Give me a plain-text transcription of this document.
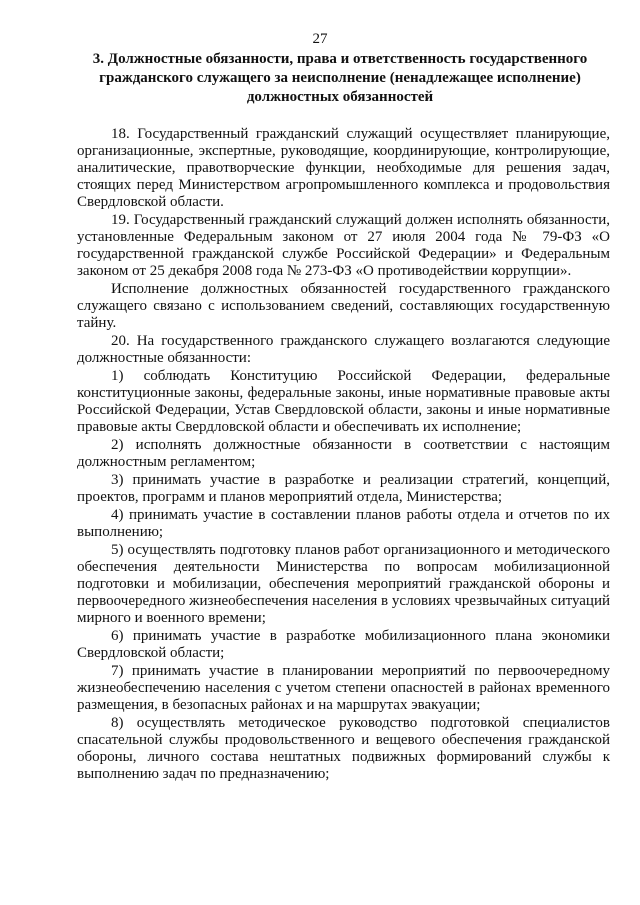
27
3. Должностные обязанности, права и ответственность государственного гражданского служащего за неисполнение (ненадлежащее исполнение) должностных обязанностей

18. Государственный гражданский служащий осуществляет планирующие, организационные, экспертные, руководящие, координирующие, контролирующие, аналитические, правотворческие функции, необходимые для решения задач, стоящих перед Министерством агропромышленного комплекса и продовольствия Свердловской области.

19. Государственный гражданский служащий должен исполнять обязанности, установленные Федеральным законом от 27 июля 2004 года № 79-ФЗ «О государственной гражданской службе Российской Федерации» и Федеральным законом от 25 декабря 2008 года № 273-ФЗ «О противодействии коррупции».

Исполнение должностных обязанностей государственного гражданского служащего связано с использованием сведений, составляющих государственную тайну.

20. На государственного гражданского служащего возлагаются следующие должностные обязанности:

1) соблюдать Конституцию Российской Федерации, федеральные конституционные законы, федеральные законы, иные нормативные правовые акты Российской Федерации, Устав Свердловской области, законы и иные нормативные правовые акты Свердловской области и обеспечивать их исполнение;

2) исполнять должностные обязанности в соответствии с настоящим должностным регламентом;

3) принимать участие в разработке и реализации стратегий, концепций, проектов, программ и планов мероприятий отдела, Министерства;

4) принимать участие в составлении планов работы отдела и отчетов по их выполнению;

5) осуществлять подготовку планов работ организационного и методического обеспечения деятельности Министерства по вопросам мобилизационной подготовки и мобилизации, обеспечения мероприятий гражданской обороны и первоочередного жизнеобеспечения населения в условиях чрезвычайных ситуаций мирного и военного времени;

6) принимать участие в разработке мобилизационного плана экономики Свердловской области;

7) принимать участие в планировании мероприятий по первоочередному жизнеобеспечению населения с учетом степени опасностей в районах временного размещения, в безопасных районах и на маршрутах эвакуации;

8) осуществлять методическое руководство подготовкой специалистов спасательной службы продовольственного и вещевого обеспечения гражданской обороны, личного состава нештатных подвижных формирований службы к выполнению задач по предназначению;
